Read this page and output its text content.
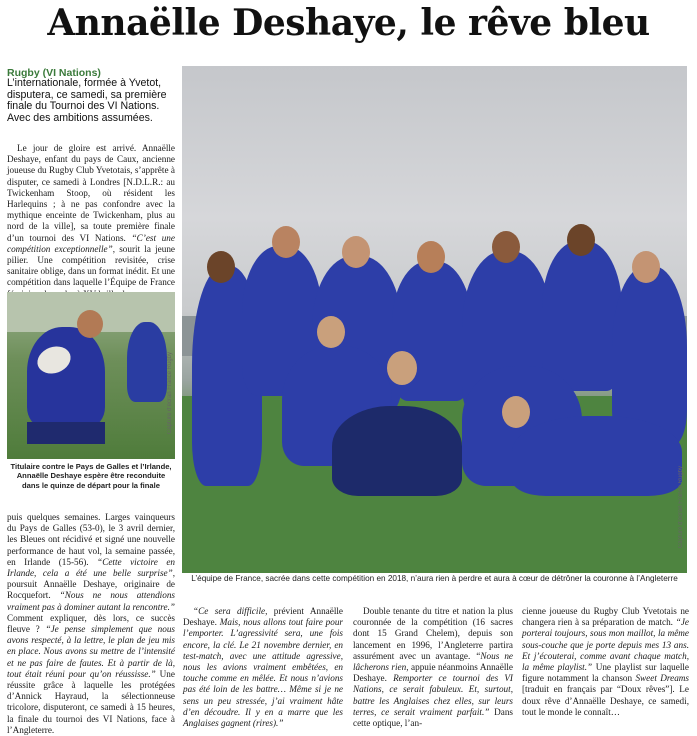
Annaëlle Deshaye, le rêve bleu
Rugby (VI Nations)
L’internationale, formée à Yvetot, disputera, ce samedi, sa première finale du Tournoi des VI Nations. Avec des ambitions assumées.

Le jour de gloire est arrivé. Annaëlle Deshaye, enfant du pays de Caux, ancienne joueuse du Rugby Club Yvetotais, s’apprête à disputer, ce samedi à Londres [N.D.L.R.: au Twickenham Stoop, où résident les Harlequins ; à ne pas confondre avec la mythique enceinte de Twickenham, plus au nord de la ville], sa toute première finale d’un tournoi des VI Nations. “C’est une compétition exceptionnelle”, sourit la jeune pilier. Une compétition revisitée, crise sanitaire oblige, dans un format inédit. Et une compétition dans laquelle l’Équipe de France

Capture d’écran France Rugby
Titulaire contre le Pays de Galles et l’Irlande, Annaëlle Deshaye espère être reconduite dans le quinze de départ pour la finale

puis quelques semaines. Larges vainqueurs du Pays de Galles (53-0), le 3 avril dernier, les Bleues ont récidivé et signé une nouvelle performance de haut vol, la semaine passée, en Irlande (15-56). “Cette victoire en Irlande, cela a été une belle surprise”, poursuit Annaëlle Deshaye, originaire de Rocquefort. “Nous ne nous attendions vraiment pas à dominer autant la rencontre.” Comment expliquer, dès lors, ce succès fleuve ? “Je pense simplement que nous avons respecté, à la lettre, le plan de jeu mis en place. Nous avons su mettre de l’intensité et ne pas faire de fautes. Et à partir de là, tout était réuni pour qu’on réussisse.” Une réussite grâce à laquelle les protégées d’Annick Hayraud, la sélectionneuse tricolore, disputeront, ce samedi à 15 heures, la finale du tournoi des VI Nations, face à l’Angleterre.

Capture d’écran France Rugby
L’équipe de France, sacrée dans cette compétition en 2018, n’aura rien à perdre et aura à cœur de détrôner la couronne à l’Angleterre

“Ce sera difficile, prévient Annaëlle Deshaye. Mais, nous allons tout faire pour l’emporter. L’agressivité sera, une fois encore, la clé. Le 21 novembre dernier, en test-match, avec une attitude agressive, nous les avions vraiment embêtées, en touche comme en mêlée. Et nous n’avions pas été loin de les battre… Même si je ne sens un peu stressée, j’ai vraiment hâte d’en découdre. Il y en a marre que les Anglaises gagnent (rires).”

Double tenante du titre et nation la plus couronnée de la compétition (16 sacres dont 15 Grand Chelem), depuis son lancement en 1996, l’Angleterre partira assurément avec un avantage. “Nous ne lâcherons rien, appuie néanmoins Annaëlle Deshaye. Remporter ce tournoi des VI Nations, ce serait fabuleux. Et, surtout, battre les Anglaises chez elles, sur leurs terres, ce serait vraiment parfait.” Dans cette optique, l’an-

cienne joueuse du Rugby Club Yvetotais ne changera rien à sa préparation de match. “Je porterai toujours, sous mon maillot, la même sous-couche que je porte depuis mes 13 ans. Et j’écouterai, comme avant chaque match, la même playlist.” Une playlist sur laquelle figure notamment la chanson Sweet Dreams [traduit en français par “Doux rêves”]. Le doux rêve d’Annaëlle Deshaye, ce samedi, tout le monde le connaît…
